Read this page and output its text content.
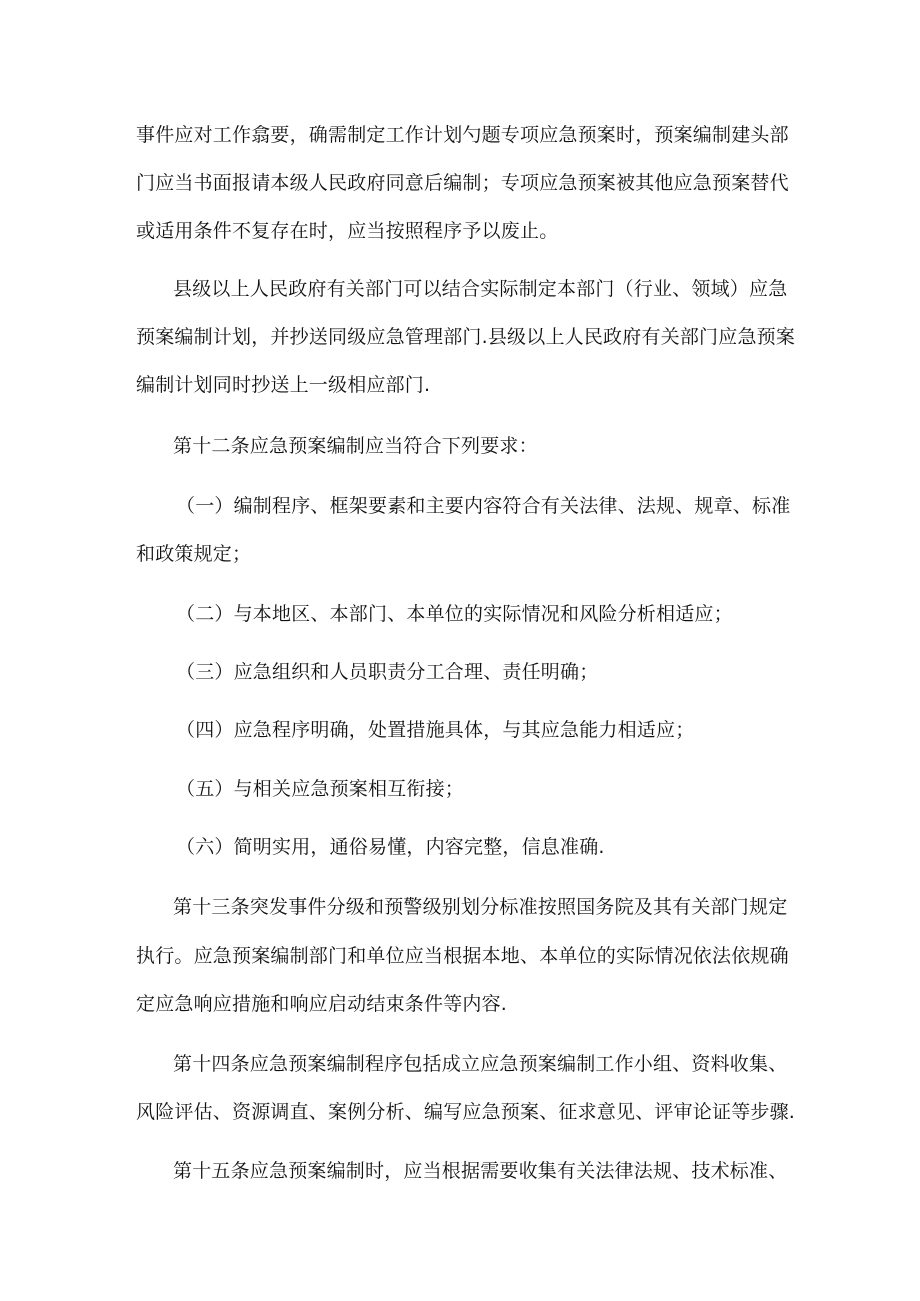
事件应对工作翕要，确需制定工作计划勺题专项应急预案时，预案编制建头部
门应当书面报请本级人民政府同意后编制；专项应急预案被其他应急预案替代
或适用条件不复存在时，应当按照程序予以废止。
县级以上人民政府有关部门可以结合实际制定本部门（行业、领域）应急
预案编制计划，并抄送同级应急管理部门.县级以上人民政府有关部门应急预案
编制计划同时抄送上一级相应部门.
第十二条应急预案编制应当符合下列要求：
（一）编制程序、框架要素和主要内容符合有关法律、法规、规章、标准
和政策规定；
（二）与本地区、本部门、本单位的实际情况和风险分析相适应；
（三）应急组织和人员职责分工合理、责任明确；
（四）应急程序明确，处置措施具体，与其应急能力相适应；
（五）与相关应急预案相互衔接；
（六）简明实用，通俗易懂，内容完整，信息准确.
第十三条突发事件分级和预警级别划分标准按照国务院及其有关部门规定
执行。应急预案编制部门和单位应当根据本地、本单位的实际情况依法依规确
定应急响应措施和响应启动结束条件等内容.
第十四条应急预案编制程序包括成立应急预案编制工作小组、资料收集、
风险评估、资源调直、案例分析、编写应急预案、征求意见、评审论证等步骤.
第十五条应急预案编制时，应当根据需要收集有关法律法规、技术标准、
